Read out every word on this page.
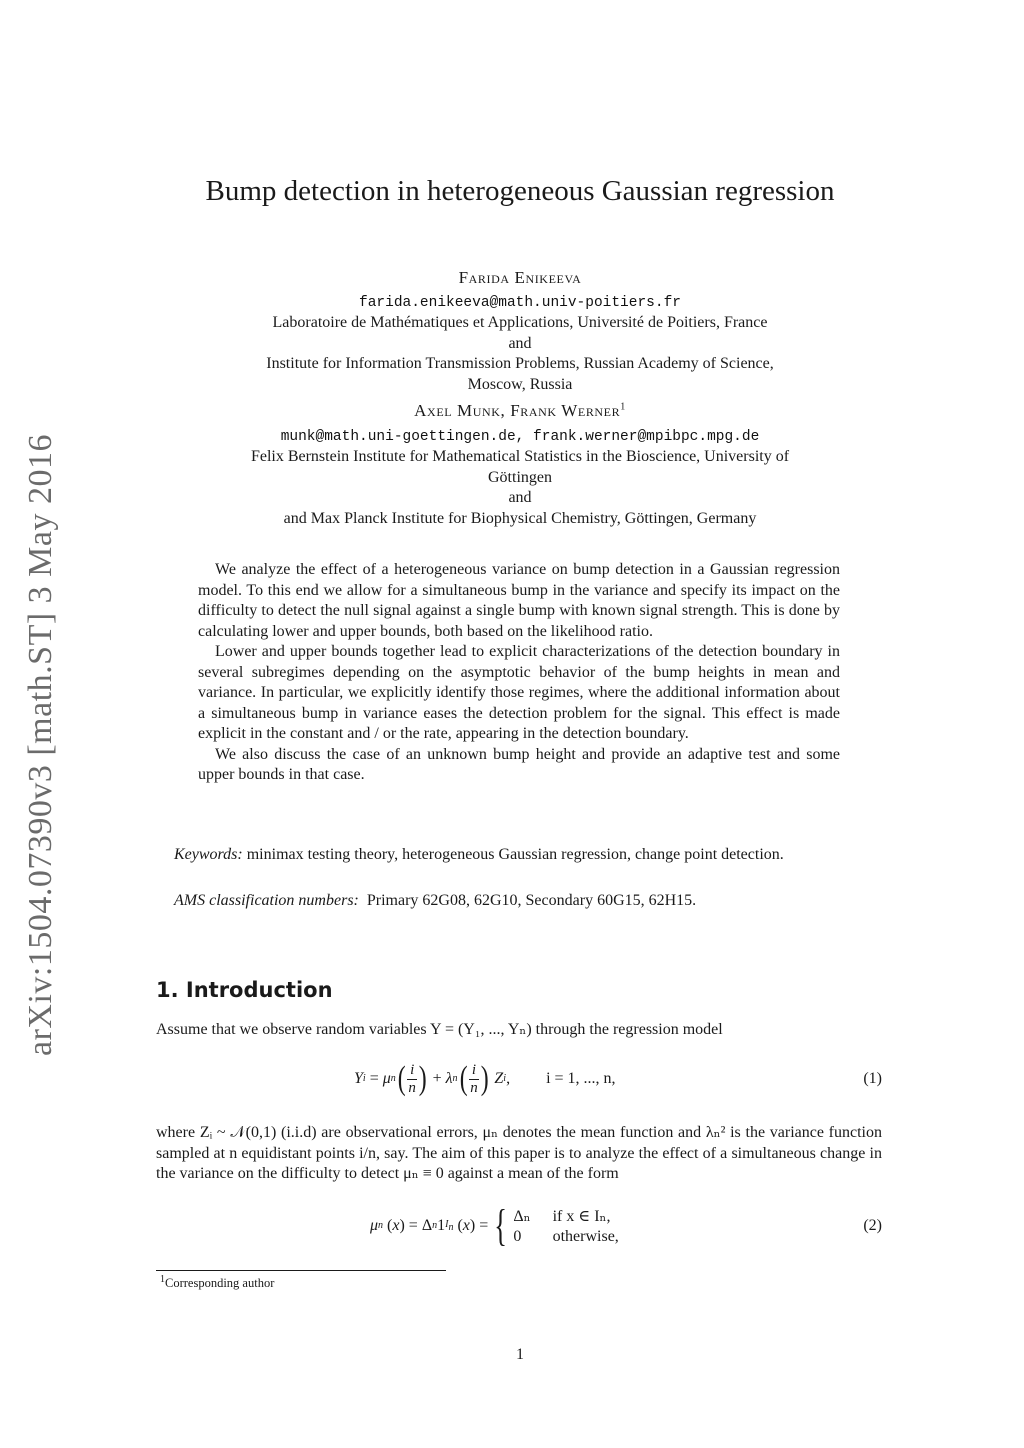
arXiv:1504.07390v3 [math.ST] 3 May 2016
Bump detection in heterogeneous Gaussian regression
Farida Enikeeva
farida.enikeeva@math.univ-poitiers.fr
Laboratoire de Mathématiques et Applications, Université de Poitiers, France
and
Institute for Information Transmission Problems, Russian Academy of Science, Moscow, Russia
Axel Munk, Frank Werner$^1$
munk@math.uni-goettingen.de, frank.werner@mpibpc.mpg.de
Felix Bernstein Institute for Mathematical Statistics in the Bioscience, University of Göttingen
and
and Max Planck Institute for Biophysical Chemistry, Göttingen, Germany

We analyze the effect of a heterogeneous variance on bump detection in a Gaussian regression model. To this end we allow for a simultaneous bump in the variance and specify its impact on the difficulty to detect the null signal against a single bump with known signal strength. This is done by calculating lower and upper bounds, both based on the likelihood ratio.

Lower and upper bounds together lead to explicit characterizations of the detection boundary in several subregimes depending on the asymptotic behavior of the bump heights in mean and variance. In particular, we explicitly identify those regimes, where the additional information about a simultaneous bump in variance eases the detection problem for the signal. This effect is made explicit in the constant and / or the rate, appearing in the detection boundary.

We also discuss the case of an unknown bump height and provide an adaptive test and some upper bounds in that case.

Keywords: minimax testing theory, heterogeneous Gaussian regression, change point detection.
AMS classification numbers: Primary 62G08, 62G10, Secondary 60G15, 62H15.
1. Introduction

Assume that we observe random variables Y = (Y₁, ..., Yₙ) through the regression model

Y i = μ n ( $\frac{i}{n}$ ) + λ n ( $\frac{i}{n}$ )
Z i , i = 1, ..., n,	(1)

where Zᵢ ~ 𝒩(0,1) (i.i.d) are observational errors, μₙ denotes the mean function and λₙ² is the variance function sampled at n equidistant points i/n, say. The aim of this paper is to analyze the effect of a simultaneous change in the variance on the difficulty to detect μₙ ≡ 0 against a mean of the form

μ n ( x ) = Δ n 1 $I_n$ ( x ) = { Δₙ if x ∈ Iₙ,
0	otherwise,
(2)
$^1$Corresponding author
1
